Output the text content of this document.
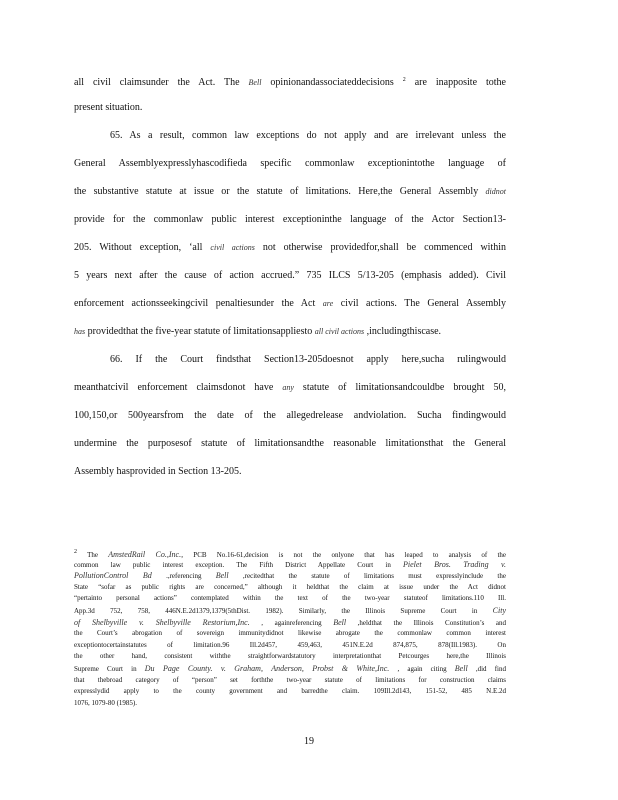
all civil claimsunder the Act. The Bell opinionandassociateddecisions $^2$ are inapposite tothe
present situation.
65. As a result, common law exceptions do not apply and are irrelevant unless the
General Assemblyexpresslyhascodifieda specific commonlaw exceptionintothe language of
the substantive statute at issue or the statute of limitations. Here,the General Assembly didnot
provide for the commonlaw public interest exceptioninthe language of the Actor Section13-
205. Without exception, ‘all civil actions not otherwise providedfor,shall be commenced within
5 years next after the cause of action accrued.” 735 ILCS 5/13-205 (emphasis added). Civil
enforcement actionsseekingcivil penaltiesunder the Act are civil actions. The General Assembly
has providedthat the five-year statute of limitationsappliesto all civil actions ,includingthiscase.
66. If the Court findsthat Section13-205doesnot apply here,sucha rulingwould
meanthatcivil enforcement claimsdonot have any statute of limitationsandcouldbe brought 50,
100,150,or 500yearsfrom the date of the allegedrelease andviolation. Sucha findingwould
undermine the purposesof statute of limitationsandthe reasonable limitationsthat the General
Assembly hasprovided in Section 13-205.
$^2$ The AmstedRail Co.,Inc., PCB No.16-61,decision is not the onlyone that has leaped to analysis of the
common law public interest exception. The Fifth District Appellate Court in Pielet Bros. Trading v.
PollutionControl Bd .,referencing Bell ,recitedthat the statute of limitations must expresslyinclude the
State “sofar as public rights are concerned,” although it heldthat the claim at issue under the Act didnot
“pertainto personal actions” contemplated within the text of the two-year statuteof limitations.110 Ill.
App.3d 752, 758, 446N.E.2d1379,1379(5thDist. 1982). Similarly, the Illinois Supreme Court in City
of Shelbyville v. Shelbyville Restorium,Inc. , againreferencing Bell ,heldthat the Illinois Constitution’s and
the Court’s abrogation of sovereign immunitydidnot likewise abrogate the commonlaw common interest
exceptiontocertainstatutes of limitation.96 Ill.2d457, 459,463, 451N.E.2d 874,875, 878(Ill.1983). On
the other hand, consistent withthe straightforwardstatutory interpretationthat Petcourges here,the Illinois
Supreme Court in Du Page County. v. Graham, Anderson, Probst & White,Inc. , again citing Bell ,did find
that thebroad category of “person” set forththe two-year statute of limitations for construction claims
expresslydid apply to the county government and barredthe claim. 109Ill.2d143, 151-52, 485 N.E.2d
1076, 1079-80 (1985).
19
